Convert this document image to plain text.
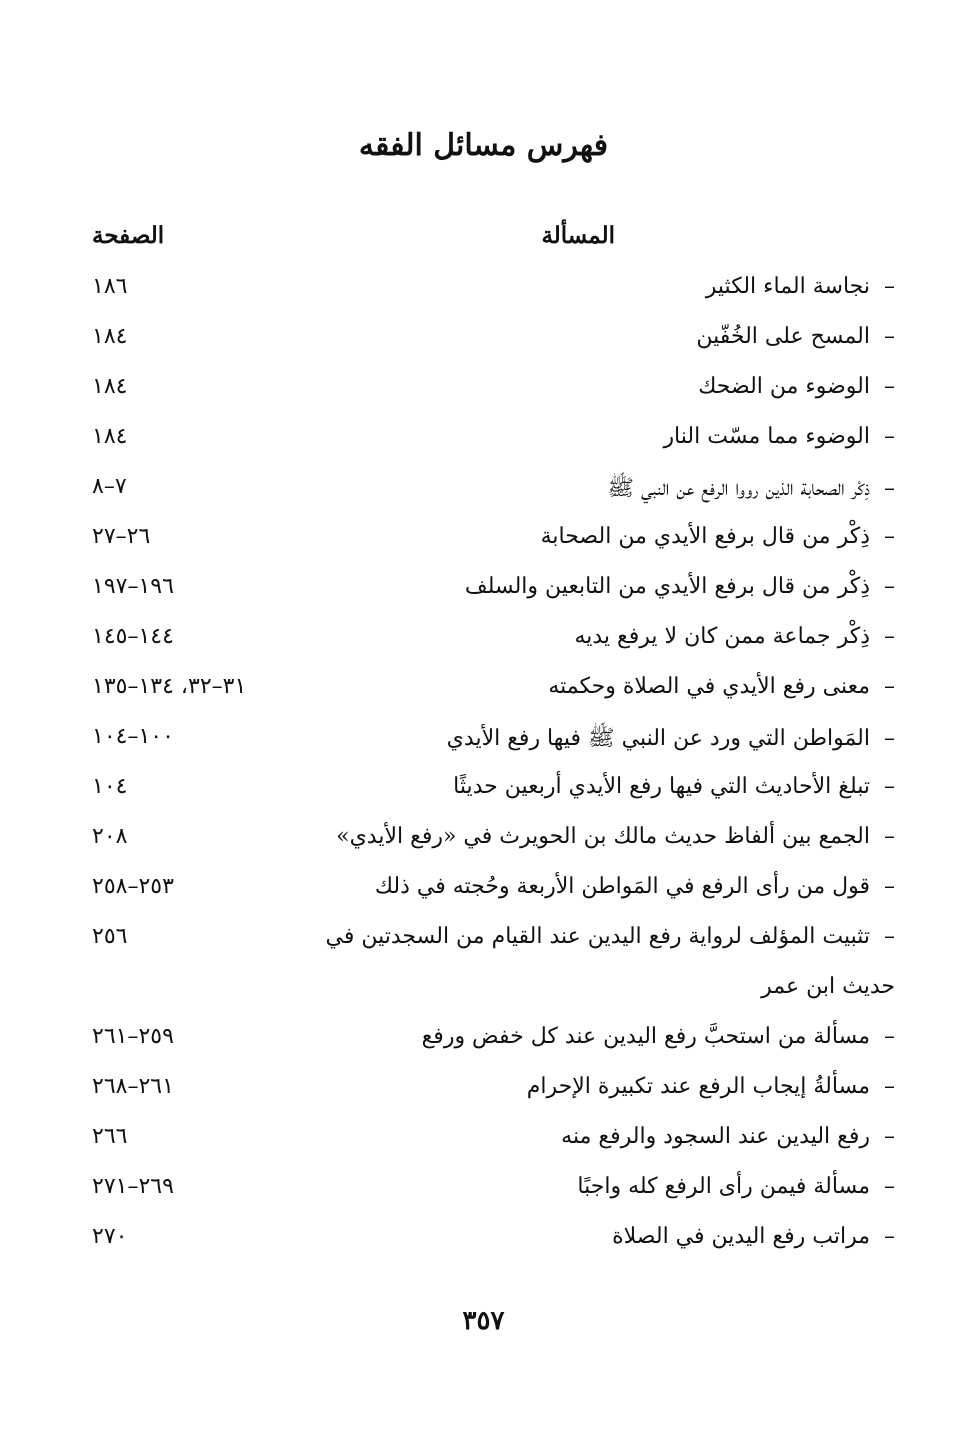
فهرس مسائل الفقه
المسألة
الصفحة
–نجاسة الماء الكثير
١٨٦
–المسح على الخُفّين
١٨٤
–الوضوء من الضحك
١٨٤
–الوضوء مما مسّت النار
١٨٤
–ذِكْر الصحابة الذين رووا الرفع عن النبي ﷺ
٧–٨
–ذِكْر من قال برفع الأيدي من الصحابة
٢٦–٢٧
–ذِكْر من قال برفع الأيدي من التابعين والسلف
١٩٦–١٩٧
–ذِكْر جماعة ممن كان لا يرفع يديه
١٤٤–١٤٥
–معنى رفع الأيدي في الصلاة وحكمته
٣١–٣٢، ١٣٤–١٣٥
–المَواطن التي ورد عن النبي ﷺ فيها رفع الأيدي
١٠٠–١٠٤
–تبلغ الأحاديث التي فيها رفع الأيدي أربعين حديثًا
١٠٤
–الجمع بين ألفاظ حديث مالك بن الحويرث في «رفع الأيدي»
٢٠٨
–قول من رأى الرفع في المَواطن الأربعة وحُجته في ذلك
٢٥٣–٢٥٨
–تثبيت المؤلف لرواية رفع اليدين عند القيام من السجدتين في
٢٥٦
حديث ابن عمر
–مسألة من استحبَّ رفع اليدين عند كل خفض ورفع
٢٥٩–٢٦١
–مسألةُ إيجاب الرفع عند تكبيرة الإحرام
٢٦١–٢٦٨
–رفع اليدين عند السجود والرفع منه
٢٦٦
–مسألة فيمن رأى الرفع كله واجبًا
٢٦٩–٢٧١
–مراتب رفع اليدين في الصلاة
٢٧٠
٣٥٧
